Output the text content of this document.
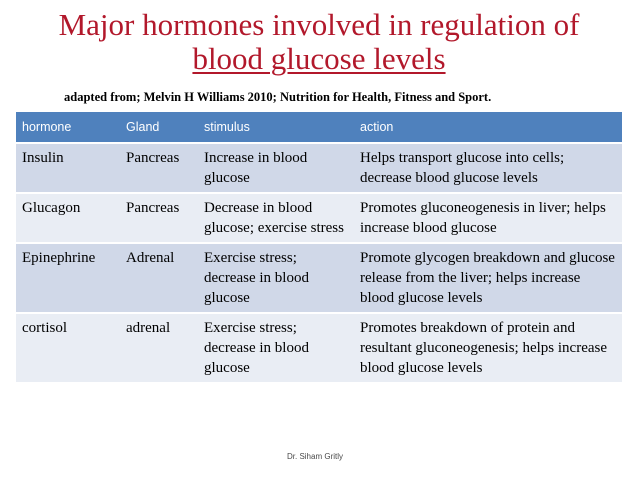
Major hormones involved in regulation of
blood glucose levels
adapted from; Melvin H Williams 2010; Nutrition for Health, Fitness and Sport.
hormone	Gland	stimulus	action
Insulin	Pancreas	Increase in blood glucose	Helps transport glucose into cells; decrease blood glucose levels
Glucagon	Pancreas	Decrease in blood glucose; exercise stress	Promotes gluconeogenesis in liver; helps increase blood glucose
Epinephrine	Adrenal	Exercise stress; decrease in blood glucose	Promote glycogen breakdown and glucose release from the liver; helps increase blood glucose levels
cortisol	adrenal	Exercise stress; decrease in blood glucose	Promotes breakdown of protein and resultant gluconeogenesis; helps increase blood glucose levels
Dr. Siham Gritly
